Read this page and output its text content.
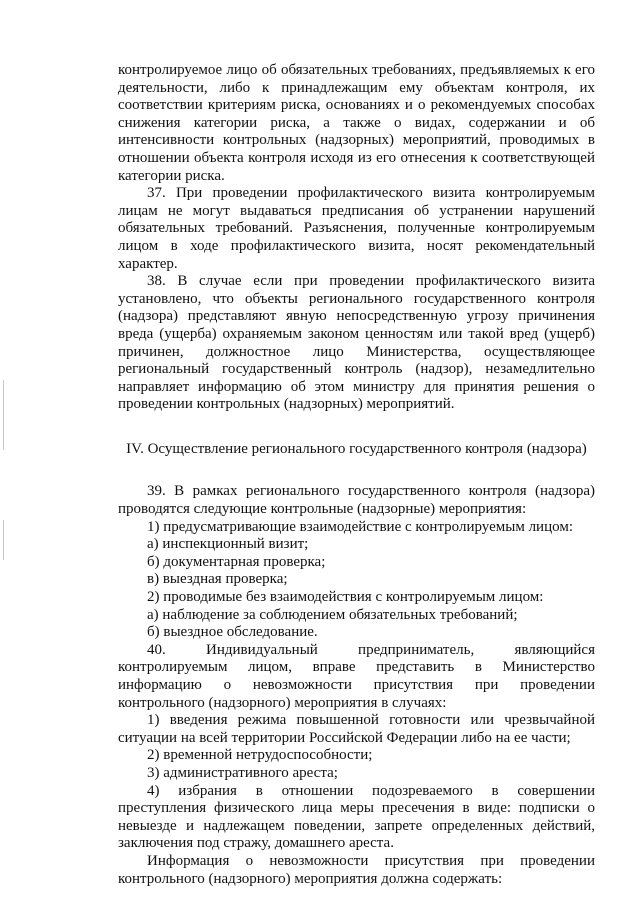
контролируемое лицо об обязательных требованиях, предъявляемых к его деятельности, либо к принадлежащим ему объектам контроля, их соответствии критериям риска, основаниях и о рекомендуемых способах снижения категории риска, а также о видах, содержании и об интенсивности контрольных (надзорных) мероприятий, проводимых в отношении объекта контроля исходя из его отнесения к соответствующей категории риска.

37. При проведении профилактического визита контролируемым лицам не могут выдаваться предписания об устранении нарушений обязательных требований. Разъяснения, полученные контролируемым лицом в ходе профилактического визита, носят рекомендательный характер.

38. В случае если при проведении профилактического визита установлено, что объекты регионального государственного контроля (надзора) представляют явную непосредственную угрозу причинения вреда (ущерба) охраняемым законом ценностям или такой вред (ущерб) причинен, должностное лицо Министерства, осуществляющее региональный государственный контроль (надзор), незамедлительно направляет информацию об этом министру для принятия решения о проведении контрольных (надзорных) мероприятий.

IV. Осуществление регионального государственного контроля (надзора)

39. В рамках регионального государственного контроля (надзора) проводятся следующие контрольные (надзорные) мероприятия:

1) предусматривающие взаимодействие с контролируемым лицом:

а) инспекционный визит;

б) документарная проверка;

в) выездная проверка;

2) проводимые без взаимодействия с контролируемым лицом:

а) наблюдение за соблюдением обязательных требований;

б) выездное обследование.

40. Индивидуальный предприниматель, являющийся контролируемым лицом, вправе представить в Министерство информацию о невозможности присутствия при проведении контрольного (надзорного) мероприятия в случаях:

1) введения режима повышенной готовности или чрезвычайной ситуации на всей территории Российской Федерации либо на ее части;

2) временной нетрудоспособности;

3) административного ареста;

4) избрания в отношении подозреваемого в совершении преступления физического лица меры пресечения в виде: подписки о невыезде и надлежащем поведении, запрете определенных действий, заключения под стражу, домашнего ареста.

Информация о невозможности присутствия при проведении контрольного (надзорного) мероприятия должна содержать:
